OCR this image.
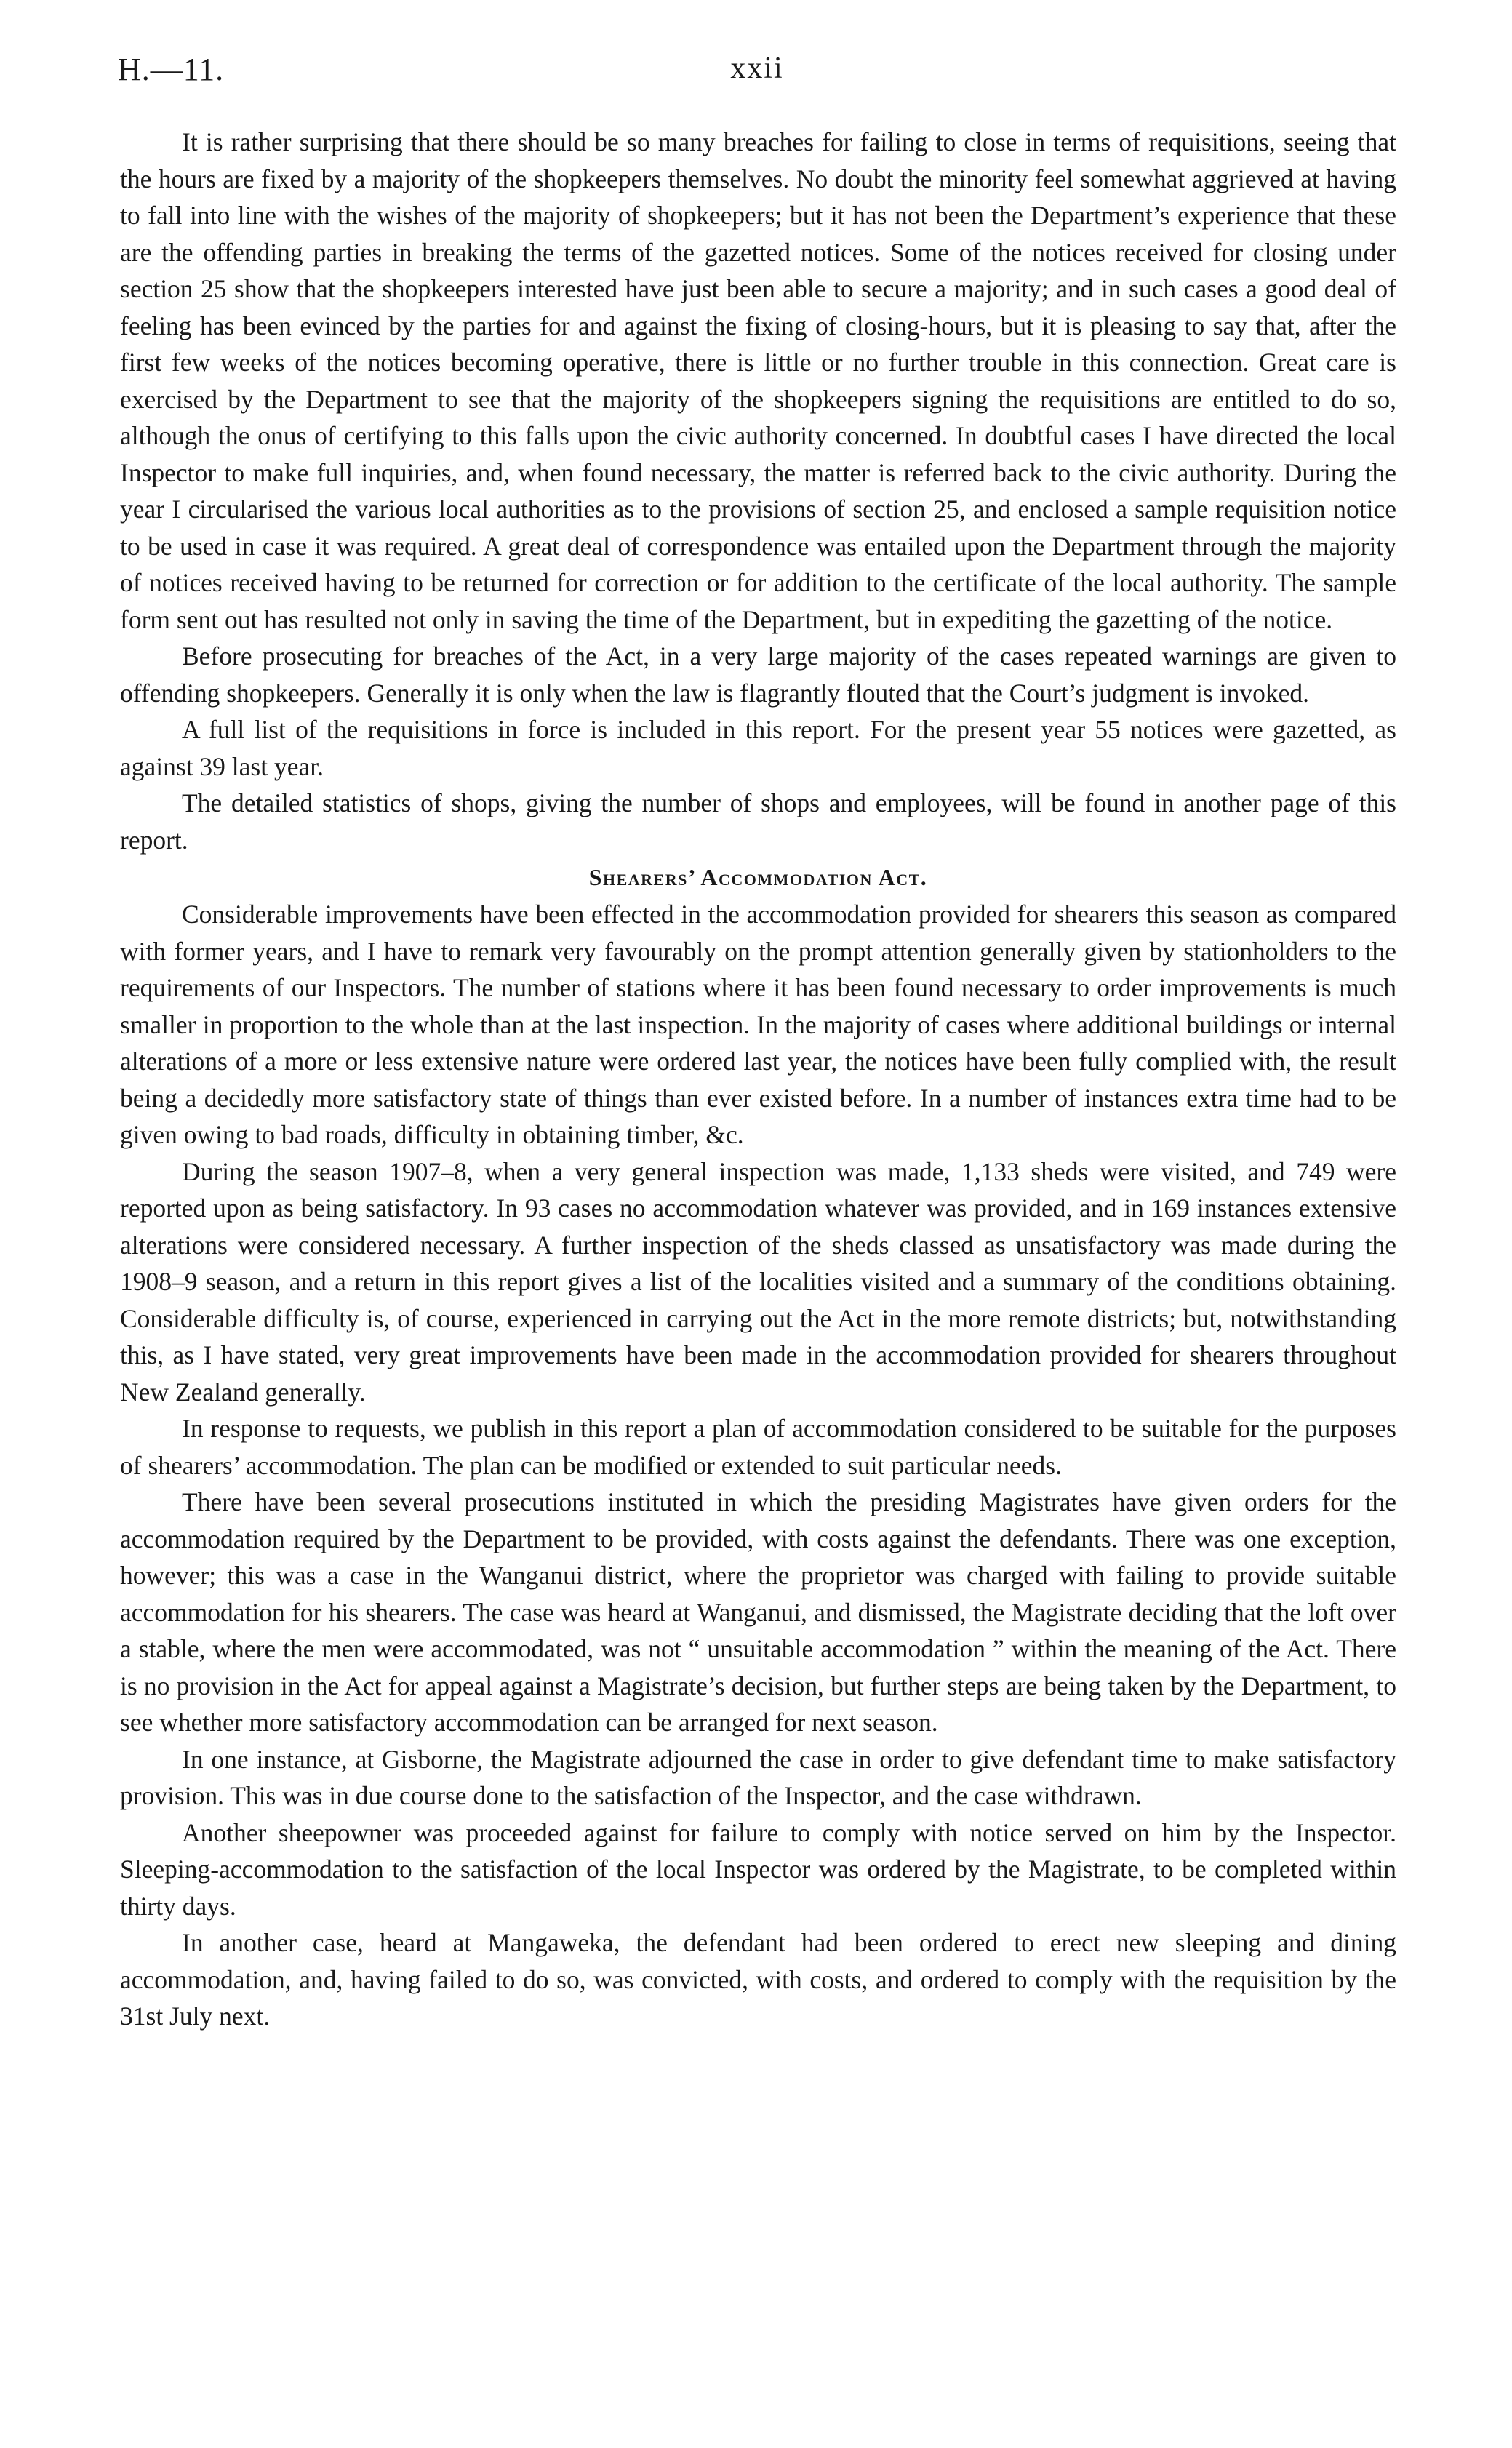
H.—11.	xxii

It is rather surprising that there should be so many breaches for failing to close in terms of requisitions, seeing that the hours are fixed by a majority of the shopkeepers themselves. No doubt the minority feel somewhat aggrieved at having to fall into line with the wishes of the majority of shopkeepers; but it has not been the Department’s experience that these are the offending parties in breaking the terms of the gazetted notices. Some of the notices received for closing under section 25 show that the shopkeepers interested have just been able to secure a majority; and in such cases a good deal of feeling has been evinced by the parties for and against the fixing of closing-hours, but it is pleasing to say that, after the first few weeks of the notices becoming operative, there is little or no further trouble in this connection. Great care is exercised by the Department to see that the majority of the shopkeepers signing the requisitions are entitled to do so, although the onus of certifying to this falls upon the civic authority concerned. In doubtful cases I have directed the local Inspector to make full inquiries, and, when found necessary, the matter is referred back to the civic authority. During the year I circularised the various local authorities as to the provisions of section 25, and enclosed a sample requisition notice to be used in case it was required. A great deal of correspondence was entailed upon the Department through the majority of notices received having to be returned for correction or for addition to the certificate of the local authority. The sample form sent out has resulted not only in saving the time of the Department, but in expediting the gazetting of the notice.

Before prosecuting for breaches of the Act, in a very large majority of the cases repeated warnings are given to offending shopkeepers. Generally it is only when the law is flagrantly flouted that the Court’s judgment is invoked.

A full list of the requisitions in force is included in this report. For the present year 55 notices were gazetted, as against 39 last year.

The detailed statistics of shops, giving the number of shops and employees, will be found in another page of this report.

Shearers’ Accommodation Act.

Considerable improvements have been effected in the accommodation provided for shearers this season as compared with former years, and I have to remark very favourably on the prompt attention generally given by stationholders to the requirements of our Inspectors. The number of stations where it has been found necessary to order improvements is much smaller in proportion to the whole than at the last inspection. In the majority of cases where additional buildings or internal alterations of a more or less extensive nature were ordered last year, the notices have been fully complied with, the result being a decidedly more satisfactory state of things than ever existed before. In a number of instances extra time had to be given owing to bad roads, difficulty in obtaining timber, &c.

During the season 1907–8, when a very general inspection was made, 1,133 sheds were visited, and 749 were reported upon as being satisfactory. In 93 cases no accommodation whatever was provided, and in 169 instances extensive alterations were considered necessary. A further inspection of the sheds classed as unsatisfactory was made during the 1908–9 season, and a return in this report gives a list of the localities visited and a summary of the conditions obtaining. Considerable difficulty is, of course, experienced in carrying out the Act in the more remote districts; but, notwithstanding this, as I have stated, very great improvements have been made in the accommodation provided for shearers throughout New Zealand generally.

In response to requests, we publish in this report a plan of accommodation considered to be suitable for the purposes of shearers’ accommodation. The plan can be modified or extended to suit particular needs.

There have been several prosecutions instituted in which the presiding Magistrates have given orders for the accommodation required by the Department to be provided, with costs against the defendants. There was one exception, however; this was a case in the Wanganui district, where the proprietor was charged with failing to provide suitable accommodation for his shearers. The case was heard at Wanganui, and dismissed, the Magistrate deciding that the loft over a stable, where the men were accommodated, was not “ unsuitable accommodation ” within the meaning of the Act. There is no provision in the Act for appeal against a Magistrate’s decision, but further steps are being taken by the Department, to see whether more satisfactory accommodation can be arranged for next season.

In one instance, at Gisborne, the Magistrate adjourned the case in order to give defendant time to make satisfactory provision. This was in due course done to the satisfaction of the Inspector, and the case withdrawn.

Another sheepowner was proceeded against for failure to comply with notice served on him by the Inspector. Sleeping-accommodation to the satisfaction of the local Inspector was ordered by the Magistrate, to be completed within thirty days.

In another case, heard at Mangaweka, the defendant had been ordered to erect new sleeping and dining accommodation, and, having failed to do so, was convicted, with costs, and ordered to comply with the requisition by the 31st July next.
